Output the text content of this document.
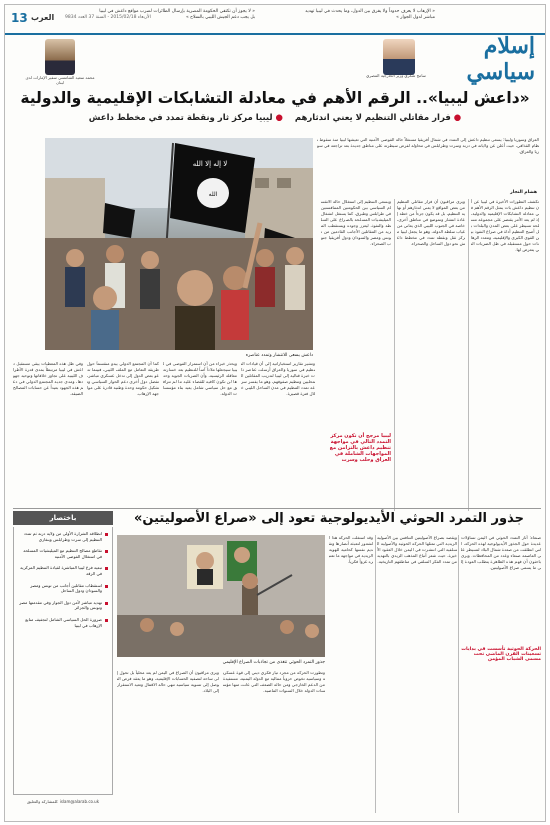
13 العرب الأربعاء 2015/02/18 - السنة 37 العدد 9834
« لا يجوز أن تكتفي الحكومة المصرية بإرسال الطائرات لضرب مواقع داعش في ليبيا بل يجب دعم الجيش الليبي بالسلاح »
« الإرهاب لا يعرف حدوداً ولا يفرق بين الدول، وما يحدث في ليبيا تهديد مباشر لدول الجوار »
محمد سعيد الشامسي سفير الإمارات لدى لبنان
سامح شكري وزير الخارجية المصري
إسلام سياسي
«داعش ليبيا».. الرقم الأهم في معادلة التشابكات الإقليمية والدولية
● فرار مقاتلي التنظيم لا يعني اندثارهم    ● ليبيا مركز ثار ونقطة تمدد في مخطط داعش
الله
لا إله إلا الله
داعش يسعى للانتشار وتمدد عناصره
العراق وسوريا وليبيا: يسعى تنظيم داعش إلى التمدد في شمال أفريقيا مستغلاً حالة الفوضى الأمنية التي تعيشها ليبيا منذ سقوط نظام القذافي، حيث أعلن عن ولاياته في درنة وسرت وطرابلس في محاولة لفرض سيطرته على مناطق جديدة بعد تراجعه في سوريا والعراق.
هشام النجار
تكشف التطورات الأخيرة في ليبيا عن أن تنظيم داعش بات يمثل الرقم الأهم في معادلة التشابكات الإقليمية والدولية، إذ لم يعد الأمر يقتصر على مجموعة مسلحة تسيطر على بعض المدن والبلدات بل أصبح التنظيم أداة في صراع النفوذ بين القوى الكبرى والإقليمية، وتتعدد الرهانات حول مستقبله في ظل الضربات التي يتعرض لها.
ويرى مراقبون أن فرار مقاتلي التنظيم من بعض المواقع لا يعني اندثارهم أو نهاية التنظيم، بل قد يكون جزءاً من خطة إعادة انتشار وتموضع في مناطق أخرى، خاصة في الجنوب الليبي الذي يعاني من غياب سلطة الدولة، وهو ما يجعل ليبيا مركز ثقل ونقطة تمدد في مخطط داعش نحو دول الساحل والصحراء.
ويسعى التنظيم إلى استغلال حالة الانقسام السياسي بين الحكومتين المتنافستين في طرابلس وطبرق، كما يستغل انشغال الميليشيات المسلحة بالصراع على السلطة والنفوذ، ليعزز وجوده ويستقطب المزيد من المقاتلين الأجانب القادمين من تونس ومصر والسودان ودول أفريقيا جنوب الصحراء.
ليبيا مرجح أن تكون مركز التمدد التالي في مواجهة تنظيم داعش بالتزامن مع المواجهات الشاملة في العراق وحلب وسرت
وتشير تقارير استخباراتية إلى أن قيادات التنظيم في سوريا والعراق أرسلت عناصر ذات خبرة قتالية إلى ليبيا لتدريب المقاتلين المحليين وتنظيم صفوفهم، وهو ما يفسر سرعة تمدد التنظيم في مدن الساحل الليبي خلال فترة قصيرة.
ويحذر خبراء من أن استمرار الفوضى في ليبيا سيجعلها ملاذاً آمناً للتنظيم بعد خسارته معاقله الرئيسية، وأن الضربات الجوية وحدها لن تكون كافية للقضاء عليه ما لم تترافق مع حل سياسي شامل يعيد بناء مؤسسات الدولة.
كما أن المجتمع الدولي يبدو منقسماً حول طريقة التعامل مع الملف الليبي، فبينما تدعو بعض الدول إلى تدخل عسكري مباشر، تفضل دول أخرى دعم الحوار السياسي وتشكيل حكومة وحدة وطنية قادرة على مواجهة الإرهاب.
وفي ظل هذه المعطيات يبقى مستقبل داعش في ليبيا مرتبطاً بمدى قدرة الأطراف الليبية على تجاوز خلافاتها وتوحيد جهودها، ومدى جدية المجتمع الدولي في دعم هذه الجهود بعيداً عن حسابات المصالح الضيقة.
باختصار
انطلاقة الشرارة الأولى من ولاية درنة ثم تمدد التنظيم إلى سرت وطرابلس وبنغازي
تقاطع مصالح التنظيم مع الميليشيات المسلحة في استغلال الفوضى الأمنية
تبعية فرع ليبيا المباشرة لقيادة التنظيم المركزية في الرقة
استقطاب مقاتلين أجانب من تونس ومصر والسودان ودول الساحل
تهديد مباشر لأمن دول الجوار وفي مقدمتها مصر وتونس والجزائر
ضرورة الحل السياسي الشامل لتجفيف منابع الإرهاب في ليبيا
للمشاركة والتعليق: islam@alarab.co.uk
جذور التمرد الحوثي الأيديولوجية تعود إلى «صراع الأصوليتين»
جذور التمرد الحوثي تتغذى من تجاذبات الصراع الإقليمي
صنعاء: أثار التمدد الحوثي في اليمن تساؤلات عديدة حول الجذور الأيديولوجية لهذه الحركة، التي انطلقت من صعدة شمال البلاد لتسيطر على العاصمة صنعاء وعدد من المحافظات. ويرى باحثون أن فهم هذه الظاهرة يتطلب العودة إلى ما يسمى صراع الأصوليتين.
الحركة الحوثية تأسست في بدايات تسعينات القرن الماضي تحت مسمى الشباب المؤمن
ويقصد بصراع الأصوليتين التنافس بين الأصولية الزيدية التي تمثلها الحركة الحوثية والأصولية السلفية التي انتشرت في اليمن خلال العقود الأخيرة، حيث شعر أتباع المذهب الزيدي بالتهديد من تمدد الفكر السلفي في مناطقهم التاريخية.
وقد استغلت الحركة هذا الشعور لتعبئة أنصارها وتقديم نفسها كحامية للهوية الزيدية في مواجهة ما تعتبره غزواً فكرياً.
وتطورت الحركة من مجرد تيار فكري ديني إلى قوة عسكرية وسياسية تخوض حروباً متتالية مع الدولة اليمنية، مستفيدة من الدعم الخارجي ومن حالة الضعف التي عانت منها مؤسسات الدولة خلال السنوات الماضية.
ويرى مراقبون أن الصراع في اليمن لم يعد محلياً بل تحول إلى ساحة لتصفية الحسابات الإقليمية، وهو ما يعقد فرص التوصل إلى تسوية سياسية تنهي حالة الاقتتال وتعيد الاستقرار إلى البلاد.
